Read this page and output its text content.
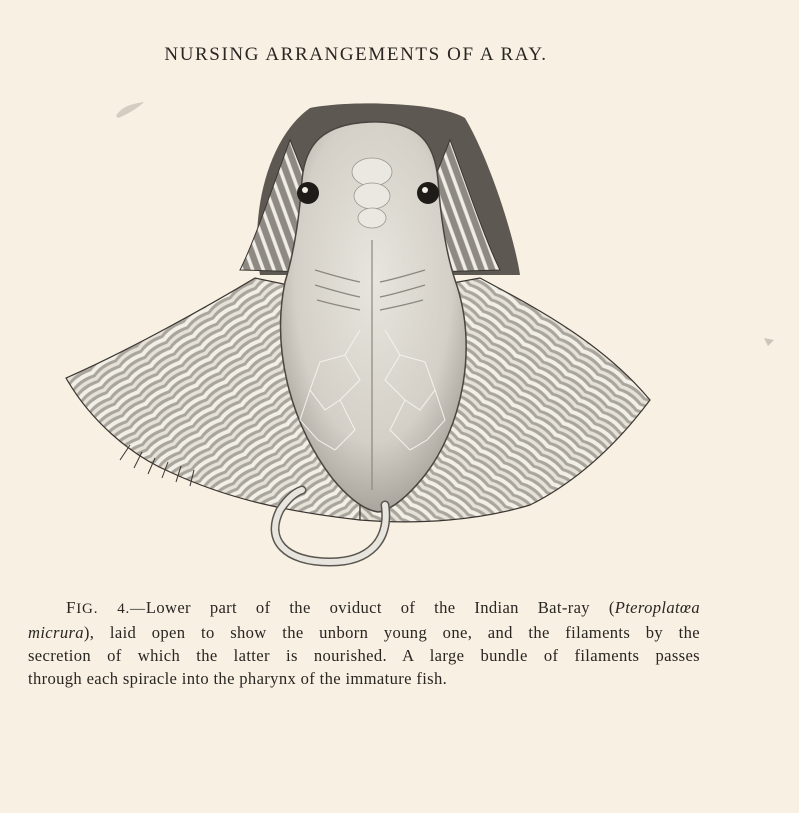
NURSING ARRANGEMENTS OF A RAY.
FIG. 4.—Lower part of the oviduct of the Indian Bat-ray (Pteroplatœa
micrura), laid open to show the unborn young one, and the filaments by the
secretion of which the latter is nourished. A large bundle of filaments passes
through each spiracle into the pharynx of the immature fish.
